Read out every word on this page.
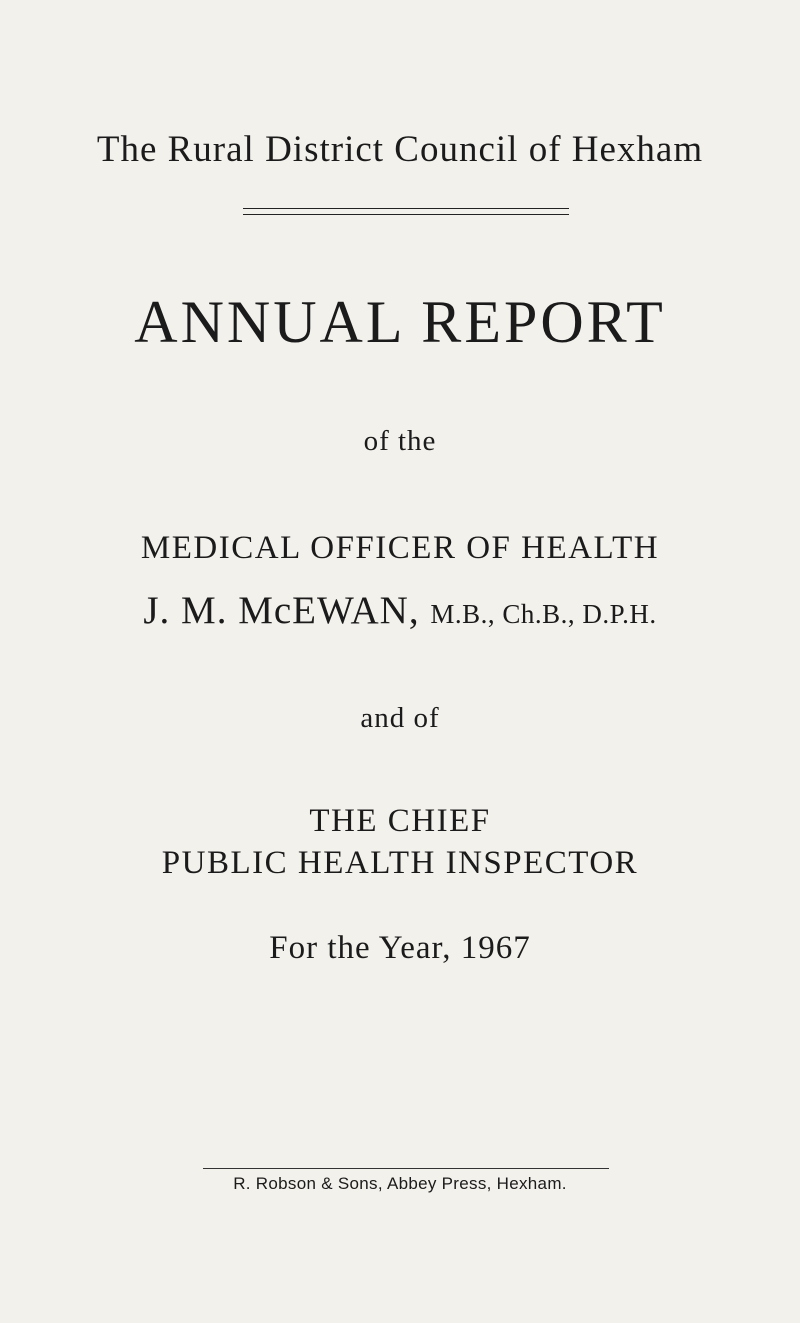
The Rural District Council of Hexham
ANNUAL REPORT
of the
MEDICAL OFFICER OF HEALTH
J. M. McEWAN, M.B., Ch.B., D.P.H.
and of
THE CHIEF
PUBLIC HEALTH INSPECTOR
For the Year, 1967
R. Robson & Sons, Abbey Press, Hexham.
